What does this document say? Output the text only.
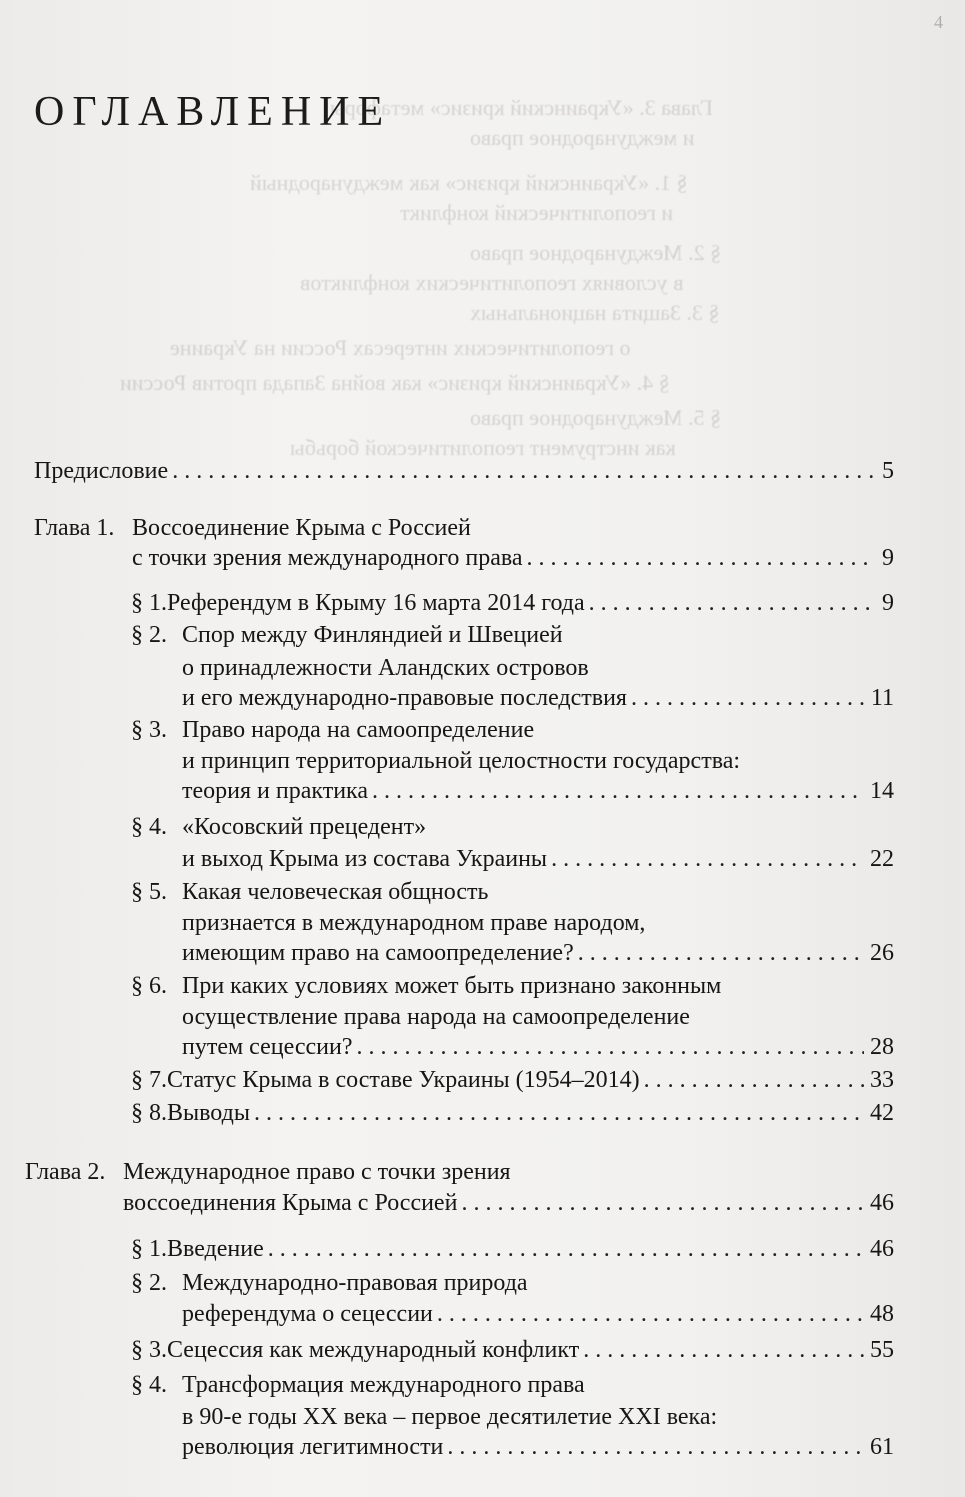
Глава 3. «Украинский кризис» метафоры
и международное право
§ 1. «Украинский кризис» как международный
и геополитический конфликт
§ 2. Международное право
в условиях геополитических конфликтов
§ 3. Защита национальных
о геополитических интересах России на Украине
§ 4. «Украинский кризис» как война Запада против России
§ 5. Международное право
как инструмент геополитической борьбы
4
ОГЛАВЛЕНИЕ
Предисловие . . .	5
Глава 1. Воссоединение Крыма с Россией
с точки зрения международного права . . .	9
§ 1. Референдум в Крыму 16 марта 2014 года . . .	9
§ 2. Спор между Финляндией и Швецией
о принадлежности Аландских островов
и его международно-правовые последствия . . .	11
§ 3. Право народа на самоопределение
и принцип территориальной целостности государства:
теория и практика . . .	14
§ 4. «Косовский прецедент»
и выход Крыма из состава Украины . . .	22
§ 5. Какая человеческая общность
признается в международном праве народом,
имеющим право на самоопределение? . . .	26
§ 6. При каких условиях может быть признано законным
осуществление права народа на самоопределение
путем сецессии? . . .	28
§ 7. Статус Крыма в составе Украины (1954–2014) . . .	33
§ 8. Выводы . . .	42
Глава 2. Международное право с точки зрения
воссоединения Крыма с Россией . . .	46
§ 1. Введение . . .	46
§ 2. Международно-правовая природа
референдума о сецессии . . .	48
§ 3. Сецессия как международный конфликт . . .	55
§ 4. Трансформация международного права
в 90-е годы XX века – первое десятилетие XXI века:
революция легитимности . . .	61
